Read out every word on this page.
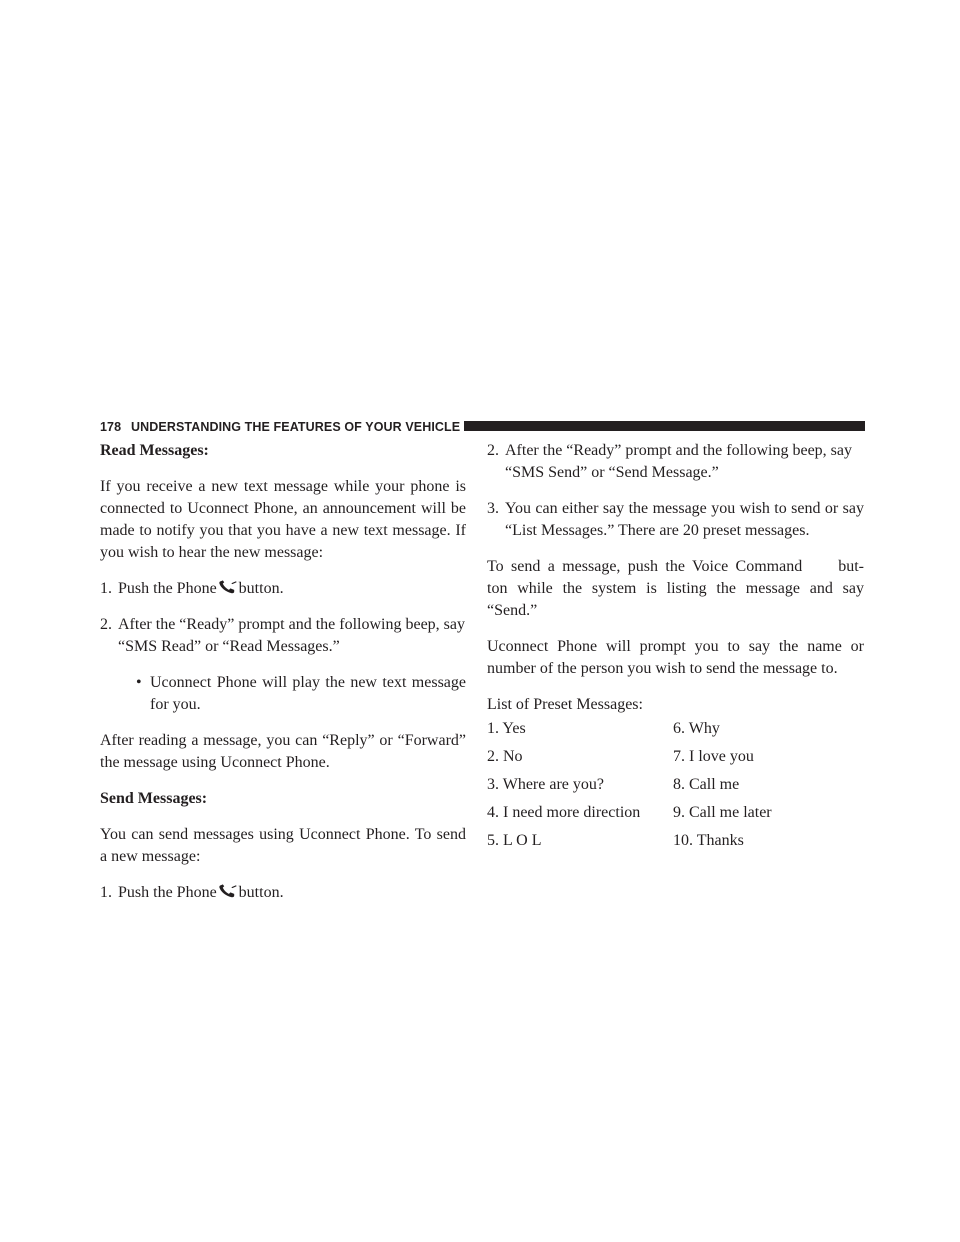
178 UNDERSTANDING THE FEATURES OF YOUR VEHICLE

Read Messages:

If you receive a new text message while your phone is connected to Uconnect Phone, an announcement will be made to notify you that you have a new text message. If you wish to hear the new message:

1. Push the Phone button.

2. After the “Ready” prompt and the following beep, say “SMS Read” or “Read Messages.”

• Uconnect Phone will play the new text message for you.

After reading a message, you can “Reply” or “Forward” the message using Uconnect Phone.

Send Messages:

You can send messages using Uconnect Phone. To send a new message:

1. Push the Phone button.

2. After the “Ready” prompt and the following beep, say “SMS Send” or “Send Message.”

3. You can either say the message you wish to send or say “List Messages.” There are 20 preset messages.

To send a message, push the Voice Command but- ton while the system is listing the message and say “Send.”

Uconnect Phone will prompt you to say the name or number of the person you wish to send the message to.

List of Preset Messages:

1. Yes	6. Why
2. No	7. I love you
3. Where are you?	8. Call me
4. I need more direction	9. Call me later
5. L O L	10. Thanks
